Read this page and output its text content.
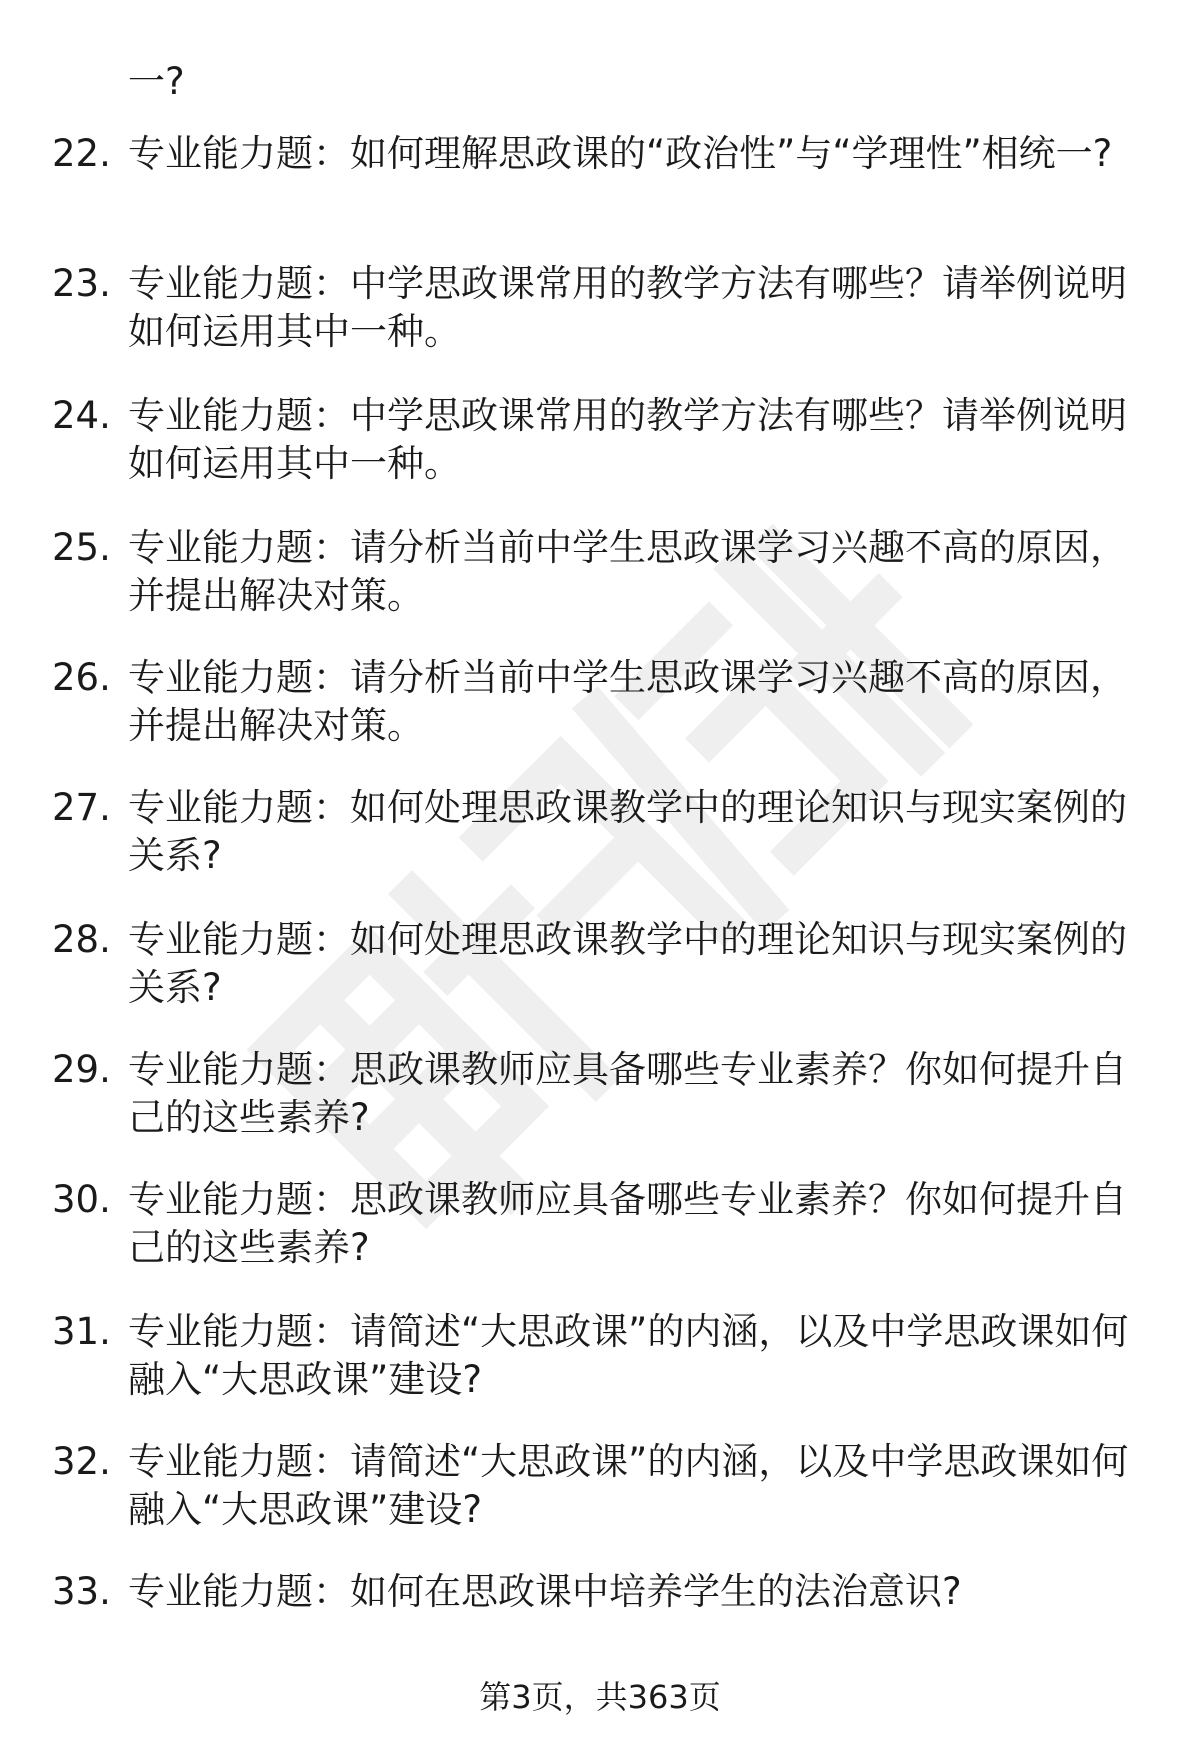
一?
22. 专业能力题：如何理解思政课的“政治性”与“学理性”相统一?
23. 专业能力题：中学思政课常用的教学方法有哪些？请举例说明如何运用其中一种。
24. 专业能力题：中学思政课常用的教学方法有哪些？请举例说明如何运用其中一种。
25. 专业能力题：请分析当前中学生思政课学习兴趣不高的原因，并提出解决对策。
26. 专业能力题：请分析当前中学生思政课学习兴趣不高的原因，并提出解决对策。
27. 专业能力题：如何处理思政课教学中的理论知识与现实案例的关系?
28. 专业能力题：如何处理思政课教学中的理论知识与现实案例的关系?
29. 专业能力题：思政课教师应具备哪些专业素养？你如何提升自己的这些素养?
30. 专业能力题：思政课教师应具备哪些专业素养？你如何提升自己的这些素养?
31. 专业能力题：请简述“大思政课”的内涵，以及中学思政课如何融入“大思政课”建设?
32. 专业能力题：请简述“大思政课”的内涵，以及中学思政课如何融入“大思政课”建设?
33. 专业能力题：如何在思政课中培养学生的法治意识?
第3页，共363页
